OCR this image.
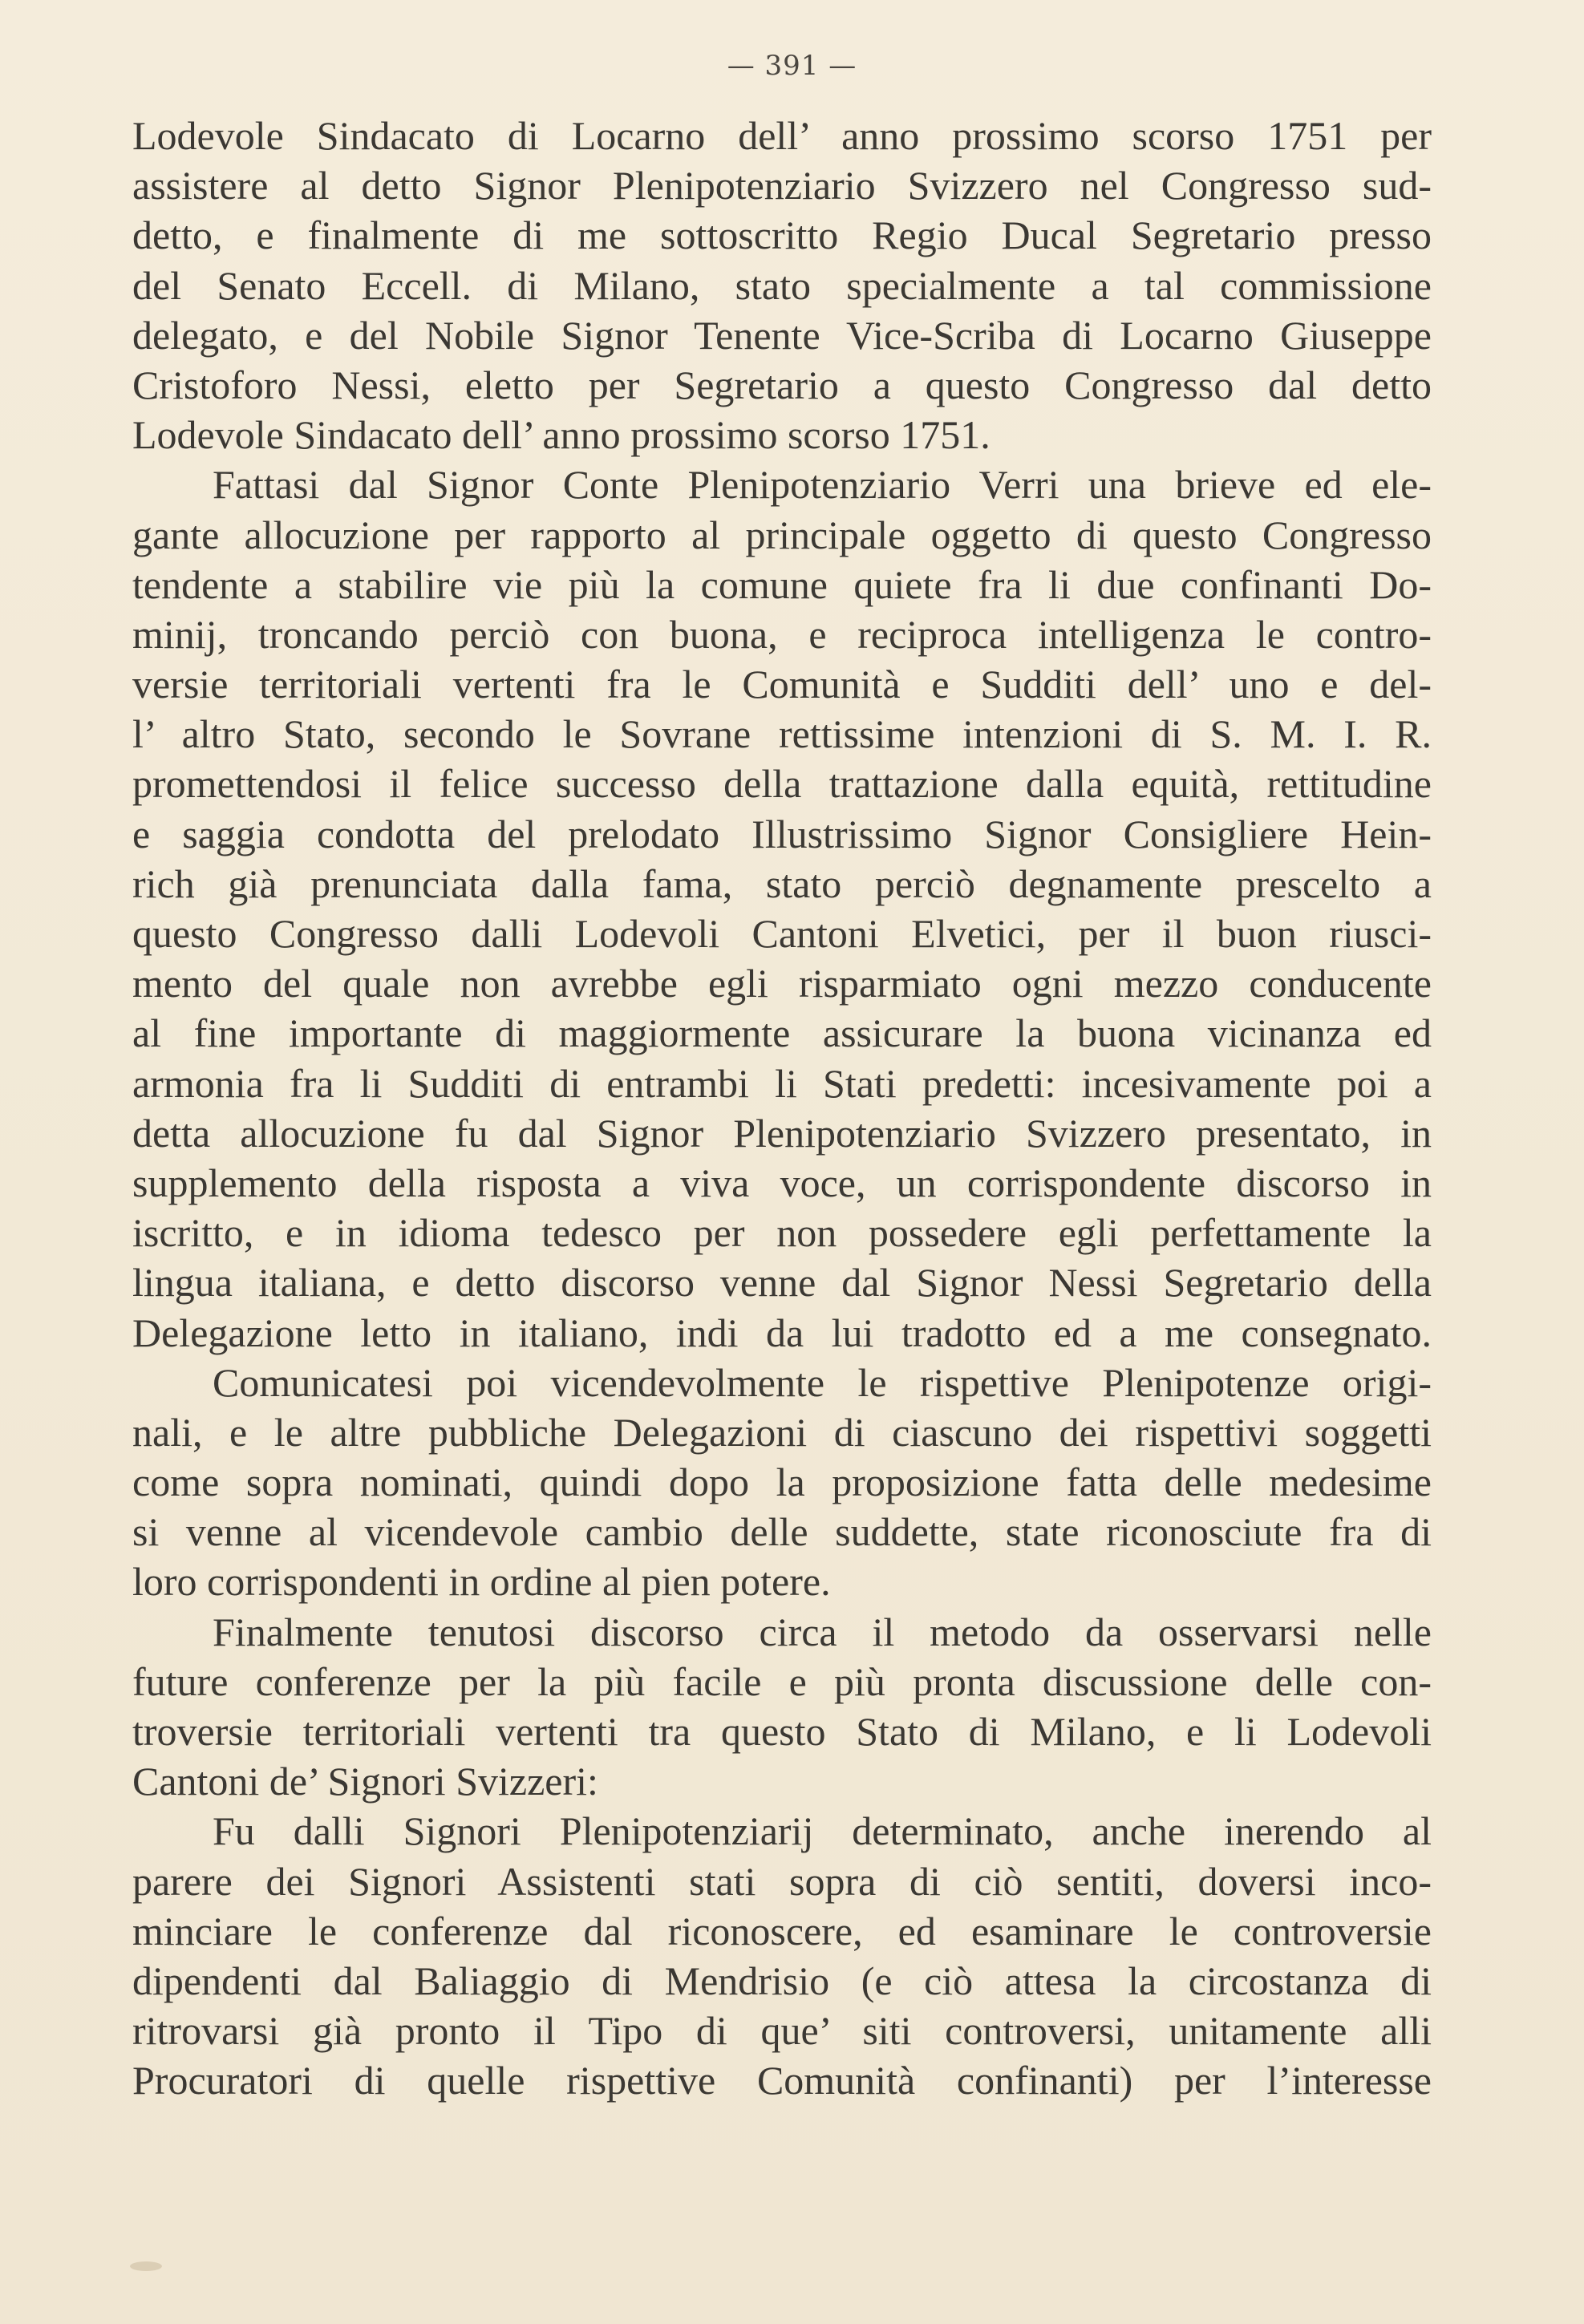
— 391 —
Lodevole Sindacato di Locarno dell’ anno prossimo scorso 1751 per
assistere al detto Signor Plenipotenziario Svizzero nel Congresso sud-
detto, e finalmente di me sottoscritto Regio Ducal Segretario presso
del Senato Eccell. di Milano, stato specialmente a tal commissione
delegato, e del Nobile Signor Tenente Vice-Scriba di Locarno Giuseppe
Cristoforo Nessi, eletto per Segretario a questo Congresso dal detto
Lodevole Sindacato dell’ anno prossimo scorso 1751.
Fattasi dal Signor Conte Plenipotenziario Verri una brieve ed ele-
gante allocuzione per rapporto al principale oggetto di questo Congresso
tendente a stabilire vie più la comune quiete fra li due confinanti Do-
minij, troncando perciò con buona, e reciproca intelligenza le contro-
versie territoriali vertenti fra le Comunità e Sudditi dell’ uno e del-
l’ altro Stato, secondo le Sovrane rettissime intenzioni di S. M. I. R.
promettendosi il felice successo della trattazione dalla equità, rettitudine
e saggia condotta del prelodato Illustrissimo Signor Consigliere Hein-
rich già prenunciata dalla fama, stato perciò degnamente prescelto a
questo Congresso dalli Lodevoli Cantoni Elvetici, per il buon riusci-
mento del quale non avrebbe egli risparmiato ogni mezzo conducente
al fine importante di maggiormente assicurare la buona vicinanza ed
armonia fra li Sudditi di entrambi li Stati predetti: incesivamente poi a
detta allocuzione fu dal Signor Plenipotenziario Svizzero presentato, in
supplemento della risposta a viva voce, un corrispondente discorso in
iscritto, e in idioma tedesco per non possedere egli perfettamente la
lingua italiana, e detto discorso venne dal Signor Nessi Segretario della
Delegazione letto in italiano, indi da lui tradotto ed a me consegnato.
Comunicatesi poi vicendevolmente le rispettive Plenipotenze origi-
nali, e le altre pubbliche Delegazioni di ciascuno dei rispettivi soggetti
come sopra nominati, quindi dopo la proposizione fatta delle medesime
si venne al vicendevole cambio delle suddette, state riconosciute fra di
loro corrispondenti in ordine al pien potere.
Finalmente tenutosi discorso circa il metodo da osservarsi nelle
future conferenze per la più facile e più pronta discussione delle con-
troversie territoriali vertenti tra questo Stato di Milano, e li Lodevoli
Cantoni de’ Signori Svizzeri:
Fu dalli Signori Plenipotenziarij determinato, anche inerendo al
parere dei Signori Assistenti stati sopra di ciò sentiti, doversi inco-
minciare le conferenze dal riconoscere, ed esaminare le controversie
dipendenti dal Baliaggio di Mendrisio (e ciò attesa la circostanza di
ritrovarsi già pronto il Tipo di que’ siti controversi, unitamente alli
Procuratori di quelle rispettive Comunità confinanti) per l’interesse
